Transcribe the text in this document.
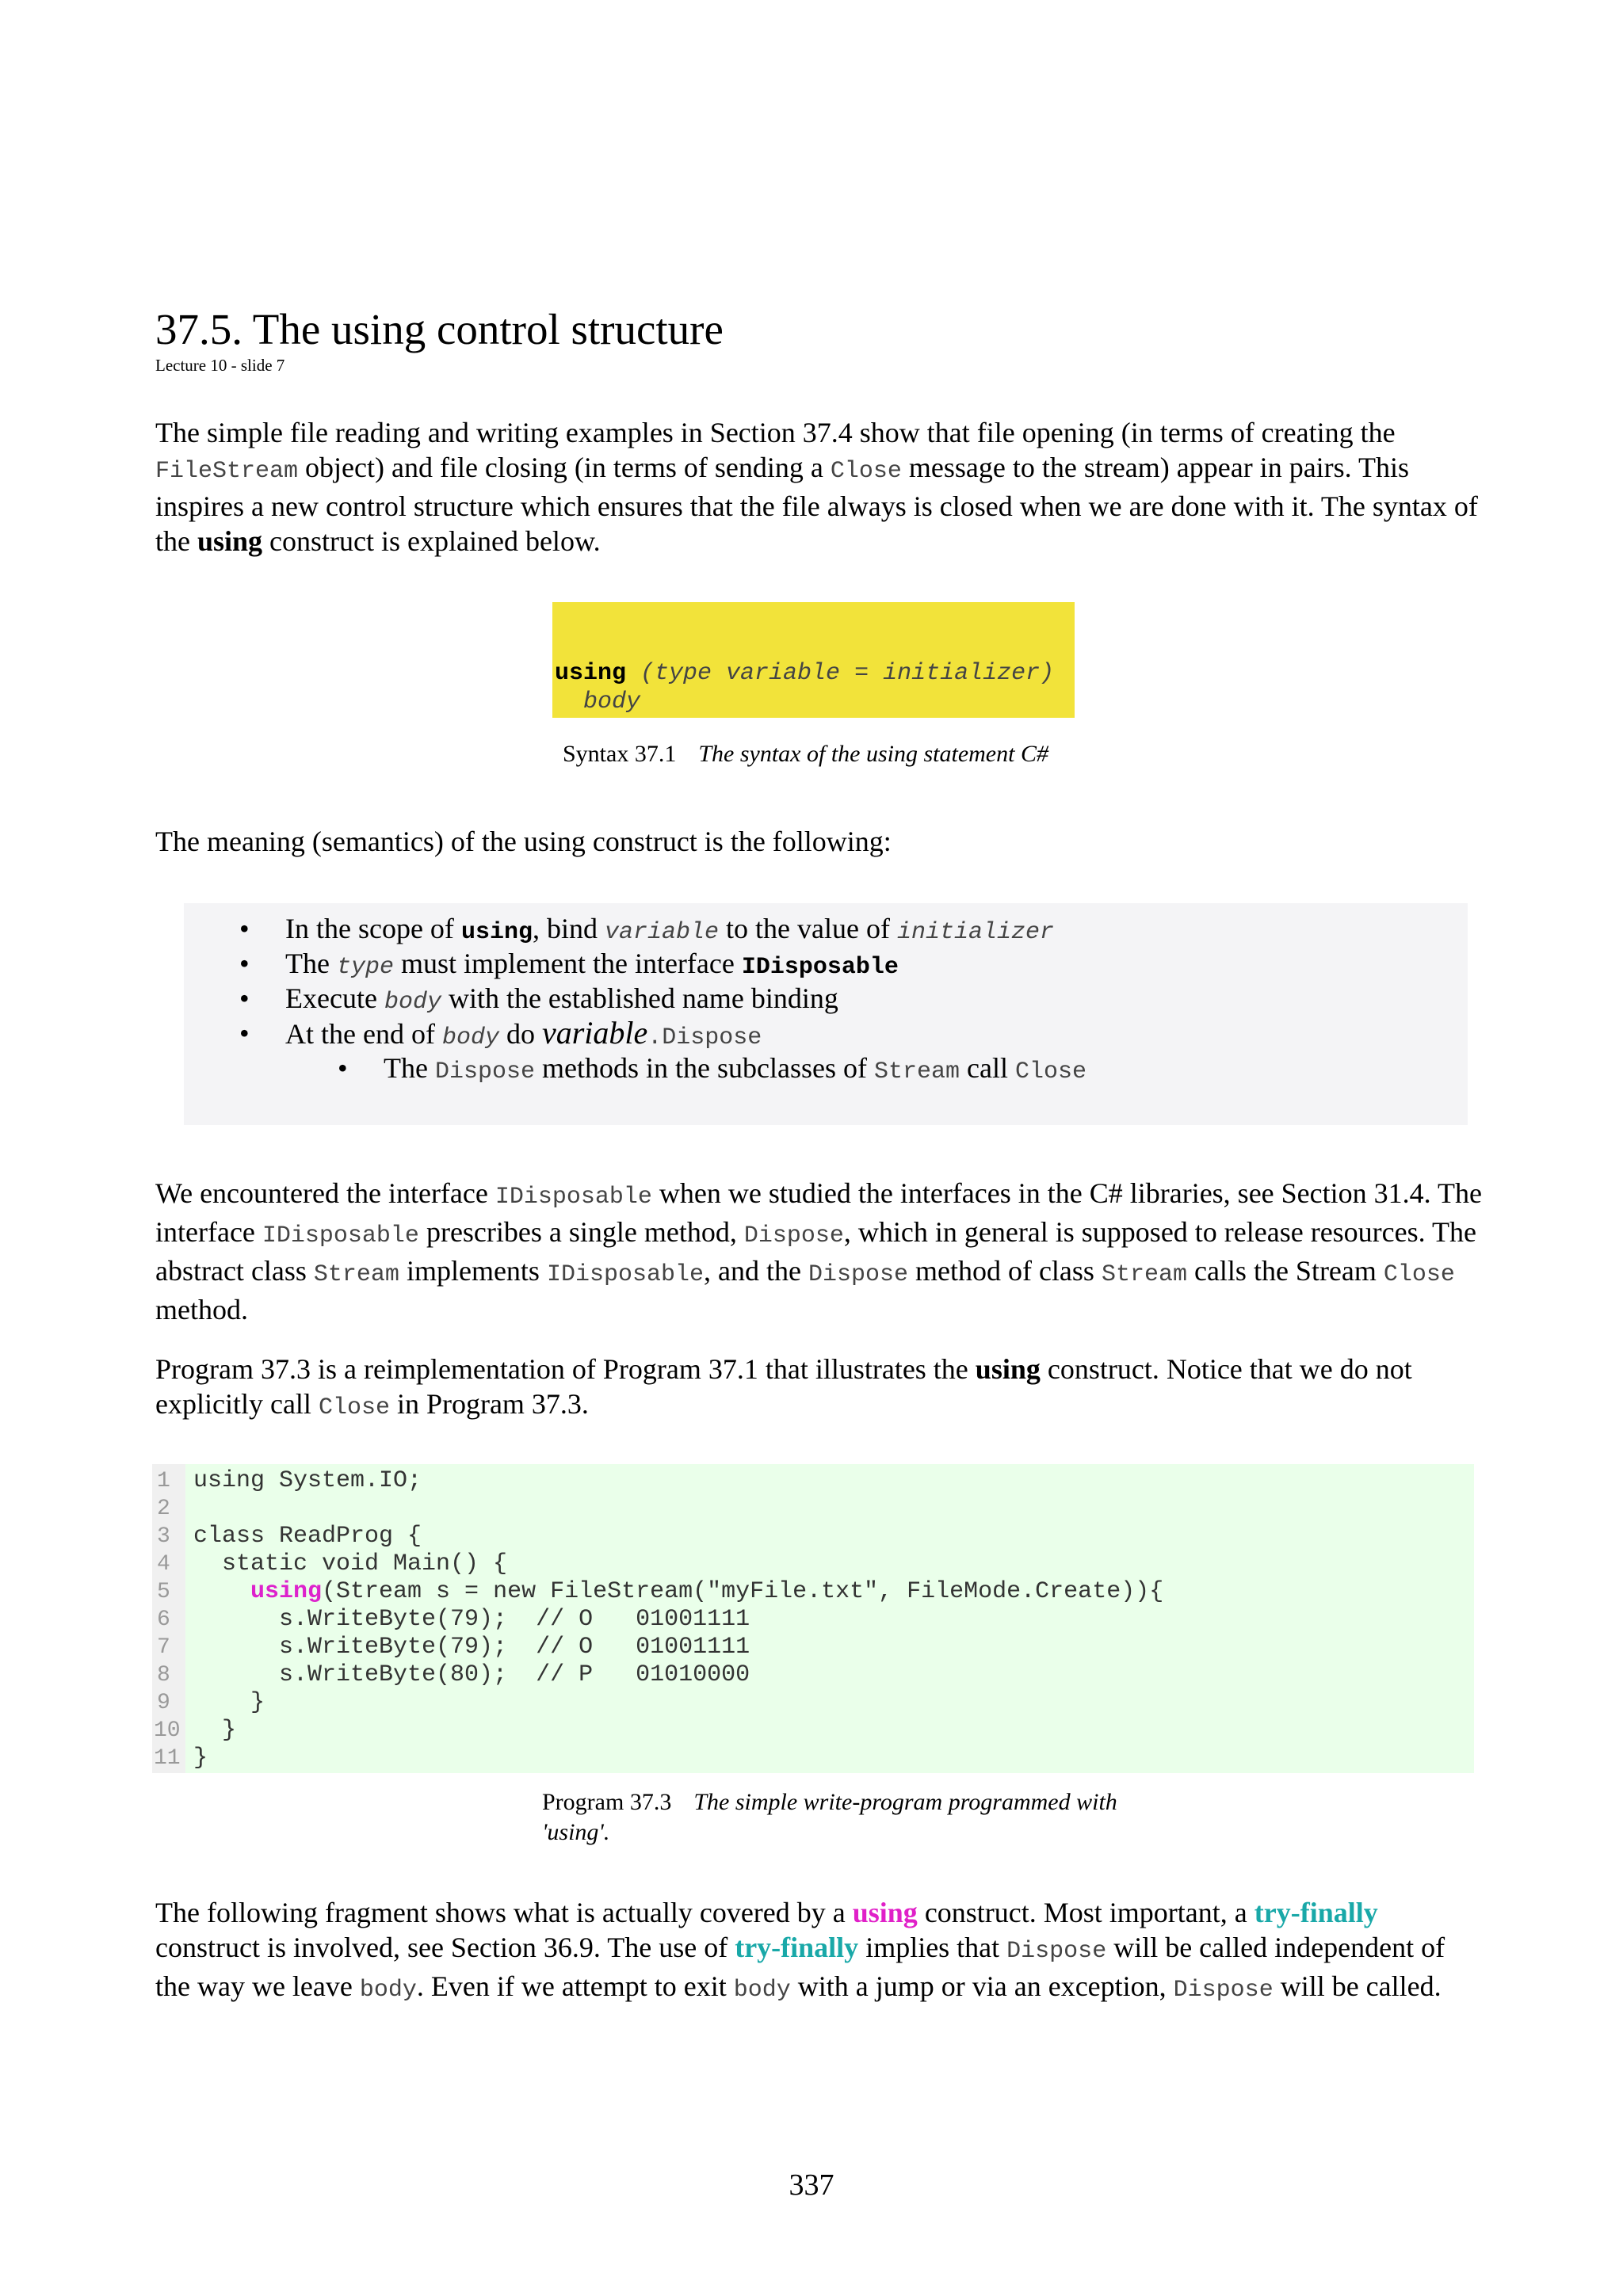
37.5. The using control structure
Lecture 10 - slide 7
The simple file reading and writing examples in Section 37.4 show that file opening (in terms of creating the FileStream object) and file closing (in terms of sending a Close message to the stream) appear in pairs. This inspires a new control structure which ensures that the file always is closed when we are done with it. The syntax of the using construct is explained below.
using (type variable = initializer)
body
Syntax 37.1 The syntax of the using statement C#
The meaning (semantics) of the using construct is the following:
• In the scope of using, bind variable to the value of initializer
• The type must implement the interface IDisposable
• Execute body with the established name binding
• At the end of body do variable.Dispose
• The Dispose methods in the subclasses of Stream call Close
We encountered the interface IDisposable when we studied the interfaces in the C# libraries, see Section 31.4. The interface IDisposable prescribes a single method, Dispose, which in general is supposed to release resources. The abstract class Stream implements IDisposable, and the Dispose method of class Stream calls the Stream Close method.
Program 37.3 is a reimplementation of Program 37.1 that illustrates the using construct. Notice that we do not explicitly call Close in Program 37.3.
1
2
3
4
5
6
7
8
9
10
11
using System.IO;
class ReadProg {
static void Main() {
using(Stream s = new FileStream("myFile.txt", FileMode.Create)){
s.WriteByte(79);  // O   01001111
s.WriteByte(79);  // O   01001111
s.WriteByte(80);  // P   01010000
}
}
}
Program 37.3 The simple write-program programmed with 'using'.
The following fragment shows what is actually covered by a using construct. Most important, a try-finally construct is involved, see Section 36.9. The use of try-finally implies that Dispose will be called independent of the way we leave body. Even if we attempt to exit body with a jump or via an exception, Dispose will be called.
337
